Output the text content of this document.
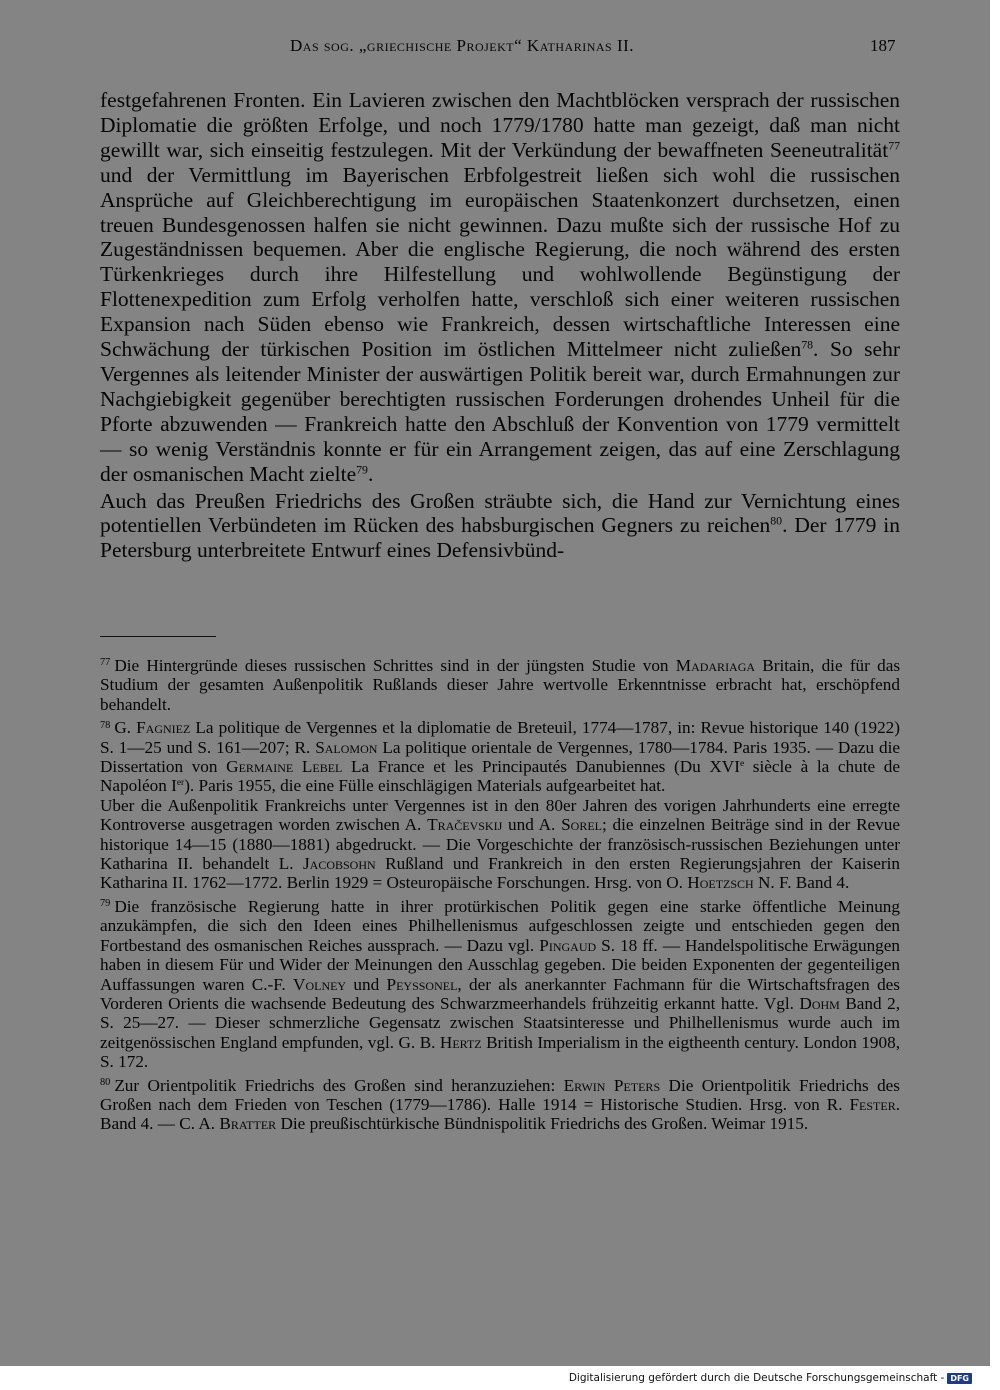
Das sog. „griechische Projekt“ Katharinas II.	187

festgefahrenen Fronten. Ein Lavieren zwischen den Machtblöcken versprach der russischen Diplomatie die größten Erfolge, und noch 1779/1780 hatte man gezeigt, daß man nicht gewillt war, sich einseitig festzulegen. Mit der Verkündung der bewaffneten Seeneutralität$^{77}$ und der Vermittlung im Bayerischen Erbfolgestreit ließen sich wohl die russischen Ansprüche auf Gleichberechtigung im europäischen Staatenkonzert durchsetzen, einen treuen Bundesgenossen halfen sie nicht gewinnen. Dazu mußte sich der russische Hof zu Zugeständnissen bequemen. Aber die englische Regierung, die noch während des ersten Türkenkrieges durch ihre Hilfestellung und wohlwollende Begünstigung der Flottenexpedition zum Erfolg verholfen hatte, verschloß sich einer weiteren russischen Expansion nach Süden ebenso wie Frankreich, dessen wirtschaftliche Interessen eine Schwächung der türkischen Position im östlichen Mittelmeer nicht zuließen$^{78}$. So sehr Vergennes als leitender Minister der auswärtigen Politik bereit war, durch Ermahnungen zur Nachgiebigkeit gegenüber berechtigten russischen Forderungen drohendes Unheil für die Pforte abzuwenden — Frankreich hatte den Abschluß der Konvention von 1779 vermittelt — so wenig Verständnis konnte er für ein Arrangement zeigen, das auf eine Zerschlagung der osmanischen Macht zielte$^{79}$.

Auch das Preußen Friedrichs des Großen sträubte sich, die Hand zur Vernichtung eines potentiellen Verbündeten im Rücken des habsburgischen Gegners zu reichen$^{80}$. Der 1779 in Petersburg unterbreitete Entwurf eines Defensivbünd-

$^{77}$ Die Hintergründe dieses russischen Schrittes sind in der jüngsten Studie von Madariaga Britain, die für das Studium der gesamten Außenpolitik Rußlands dieser Jahre wertvolle Erkenntnisse erbracht hat, erschöpfend behandelt.

$^{78}$ G. Fagniez La politique de Vergennes et la diplomatie de Breteuil, 1774—1787, in: Revue historique 140 (1922) S. 1—25 und S. 161—207; R. Salomon La politique orientale de Vergennes, 1780—1784. Paris 1935. — Dazu die Dissertation von Germaine Lebel La France et les Principautés Danubiennes (Du XVIe siècle à la chute de Napoléon Ier). Paris 1955, die eine Fülle einschlägigen Materials aufgearbeitet hat.

Uber die Außenpolitik Frankreichs unter Vergennes ist in den 80er Jahren des vorigen Jahrhunderts eine erregte Kontroverse ausgetragen worden zwischen A. Tračevskij und A. Sorel; die einzelnen Beiträge sind in der Revue historique 14—15 (1880—1881) abgedruckt. — Die Vorgeschichte der französisch-russischen Beziehungen unter Katharina II. behandelt L. Jacobsohn Rußland und Frankreich in den ersten Regierungsjahren der Kaiserin Katharina II. 1762—1772. Berlin 1929 = Osteuropäische Forschungen. Hrsg. von O. Hoetzsch N. F. Band 4.

$^{79}$ Die französische Regierung hatte in ihrer protürkischen Politik gegen eine starke öffentliche Meinung anzukämpfen, die sich den Ideen eines Philhellenismus aufgeschlossen zeigte und entschieden gegen den Fortbestand des osmanischen Reiches aussprach. — Dazu vgl. Pingaud S. 18 ff. — Handelspolitische Erwägungen haben in diesem Für und Wider der Meinungen den Ausschlag gegeben. Die beiden Exponenten der gegenteiligen Auffassungen waren C.-F. Volney und Peyssonel, der als anerkannter Fachmann für die Wirtschaftsfragen des Vorderen Orients die wachsende Bedeutung des Schwarzmeerhandels frühzeitig erkannt hatte. Vgl. Dohm Band 2, S. 25—27. — Dieser schmerzliche Gegensatz zwischen Staatsinteresse und Philhellenismus wurde auch im zeitgenössischen England empfunden, vgl. G. B. Hertz British Imperialism in the eigtheenth century. London 1908, S. 172.

$^{80}$ Zur Orientpolitik Friedrichs des Großen sind heranzuziehen: Erwin Peters Die Orientpolitik Friedrichs des Großen nach dem Frieden von Teschen (1779—1786). Halle 1914 = Historische Studien. Hrsg. von R. Fester. Band 4. — C. A. Bratter Die preußischtürkische Bündnispolitik Friedrichs des Großen. Weimar 1915.

Digitalisierung gefördert durch die Deutsche Forschungsgemeinschaft - DFG
